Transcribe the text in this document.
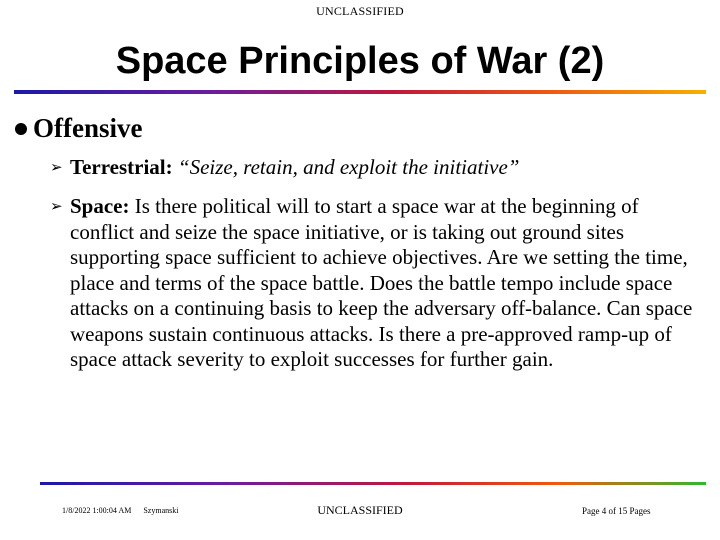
UNCLASSIFIED
Space Principles of War (2)
Offensive
➢ Terrestrial: “Seize, retain, and exploit the initiative”
➢ Space: Is there political will to start a space war at the beginning of conflict and seize the space initiative, or is taking out ground sites supporting space sufficient to achieve objectives. Are we setting the time, place and terms of the space battle. Does the battle tempo include space attacks on a continuing basis to keep the adversary off-balance. Can space weapons sustain continuous attacks. Is there a pre-approved ramp-up of space attack severity to exploit successes for further gain.
1/8/2022 1:00:04 AM Szymanski	UNCLASSIFIED	Page 4 of 15 Pages
